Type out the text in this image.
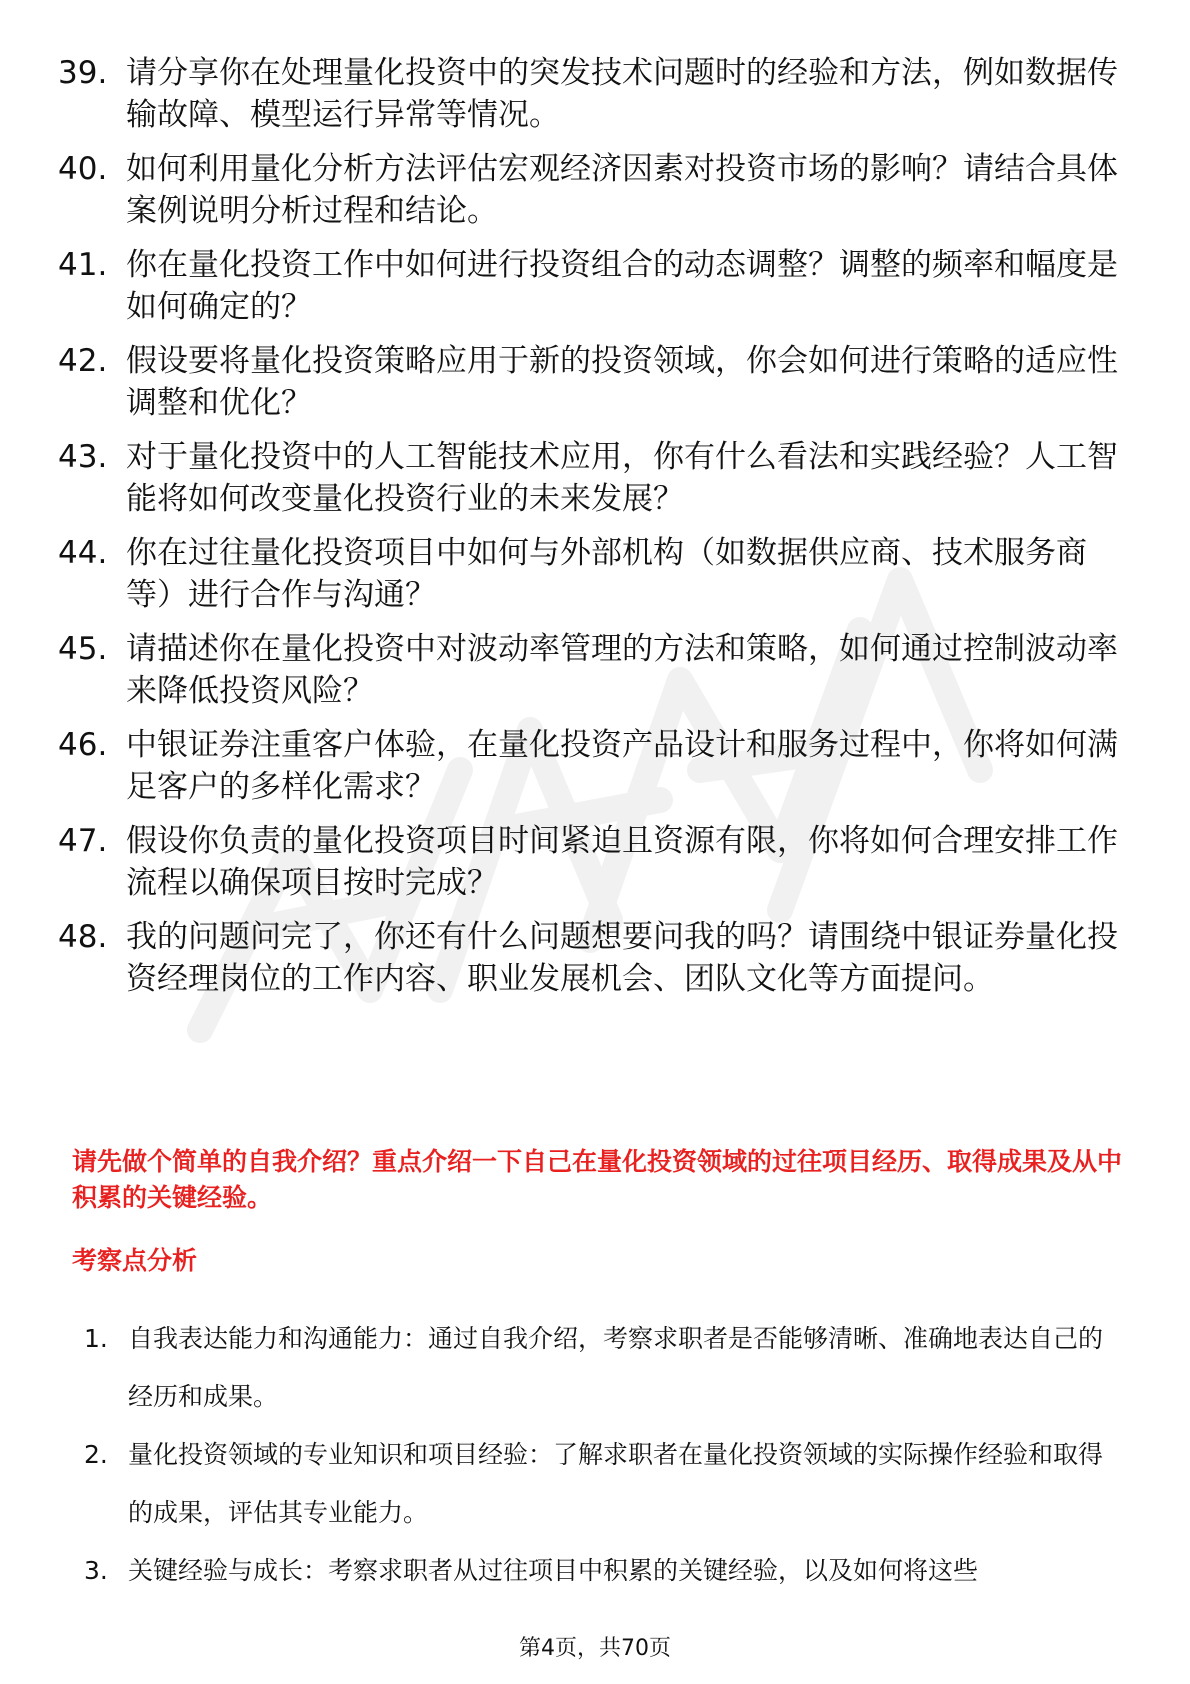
39. 请分享你在处理量化投资中的突发技术问题时的经验和方法，例如数据传输故障、模型运行异常等情况。
40. 如何利用量化分析方法评估宏观经济因素对投资市场的影响？请结合具体案例说明分析过程和结论。
41. 你在量化投资工作中如何进行投资组合的动态调整？调整的频率和幅度是如何确定的？
42. 假设要将量化投资策略应用于新的投资领域，你会如何进行策略的适应性调整和优化？
43. 对于量化投资中的人工智能技术应用，你有什么看法和实践经验？人工智能将如何改变量化投资行业的未来发展？
44. 你在过往量化投资项目中如何与外部机构（如数据供应商、技术服务商等）进行合作与沟通？
45. 请描述你在量化投资中对波动率管理的方法和策略，如何通过控制波动率来降低投资风险？
46. 中银证券注重客户体验，在量化投资产品设计和服务过程中，你将如何满足客户的多样化需求？
47. 假设你负责的量化投资项目时间紧迫且资源有限，你将如何合理安排工作流程以确保项目按时完成？
48. 我的问题问完了，你还有什么问题想要问我的吗？请围绕中银证券量化投资经理岗位的工作内容、职业发展机会、团队文化等方面提问。
请先做个简单的自我介绍？重点介绍一下自己在量化投资领域的过往项目经历、取得成果及从中积累的关键经验。
考察点分析
1. 自我表达能力和沟通能力：通过自我介绍，考察求职者是否能够清晰、准确地表达自己的经历和成果。
2. 量化投资领域的专业知识和项目经验：了解求职者在量化投资领域的实际操作经验和取得的成果，评估其专业能力。
3. 关键经验与成长：考察求职者从过往项目中积累的关键经验，以及如何将这些
第4页，共70页
